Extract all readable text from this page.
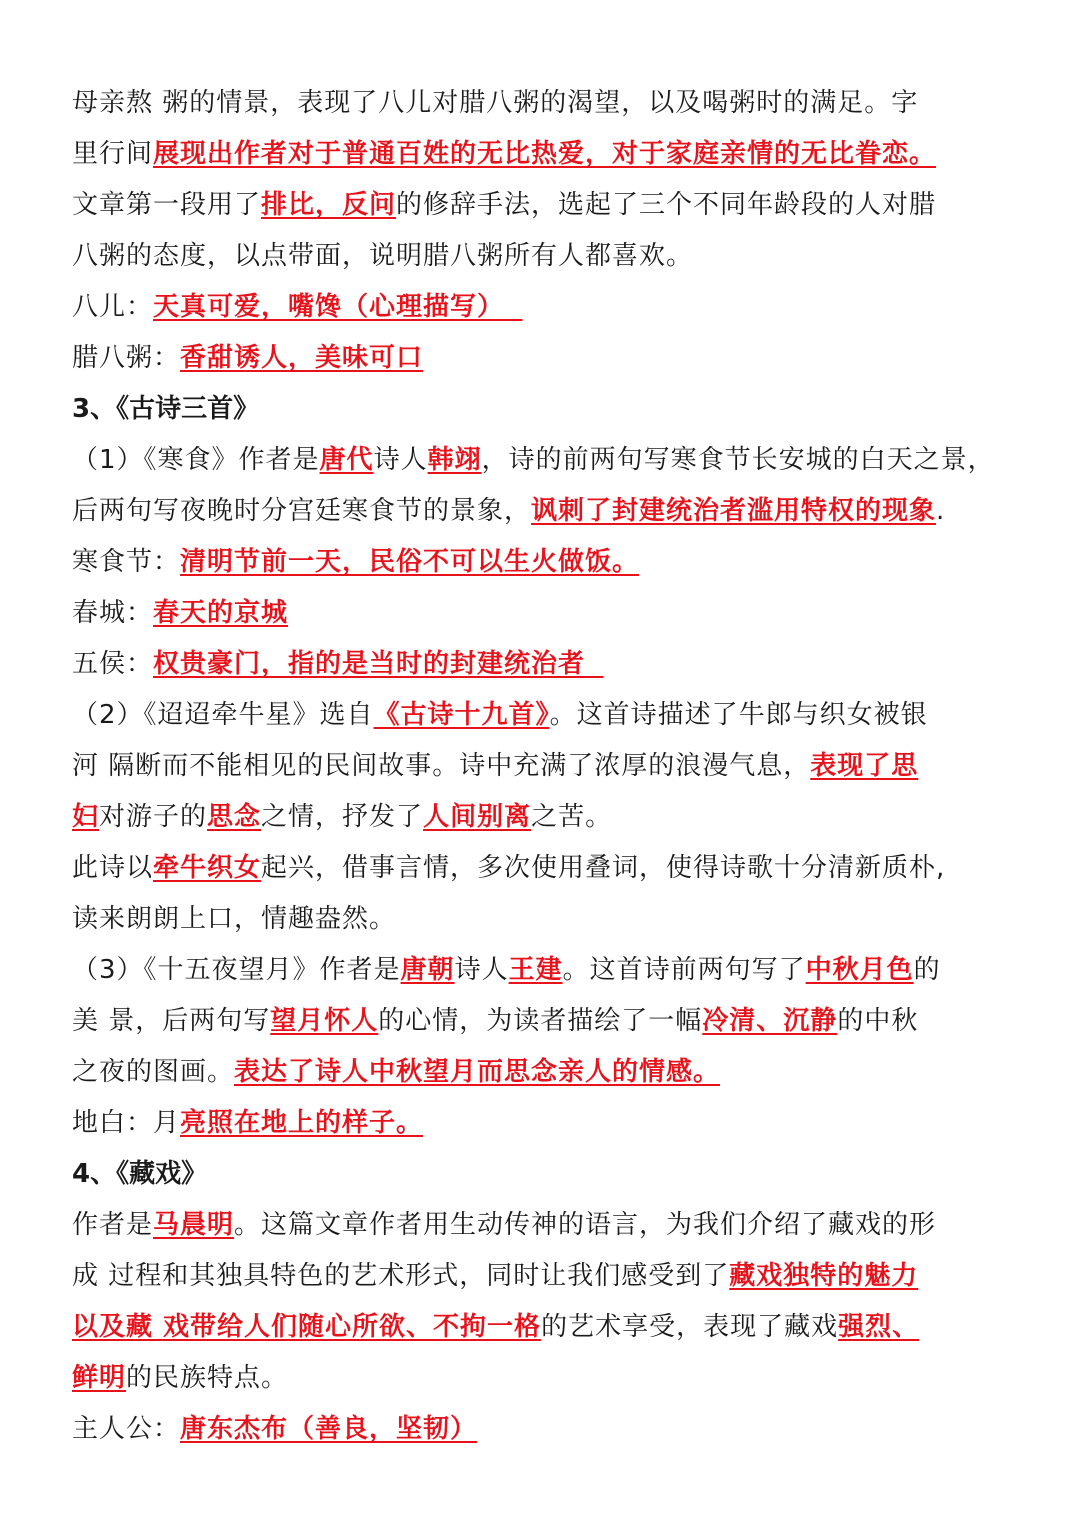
母亲熬 粥的情景，表现了八儿对腊八粥的渴望，以及喝粥时的满足。字
里行间展现出作者对于普通百姓的无比热爱，对于家庭亲情的无比眷恋。
文章第一段用了排比，反问的修辞手法，选起了三个不同年龄段的人对腊
八粥的态度，以点带面，说明腊八粥所有人都喜欢。
八儿：天真可爱，嘴馋（心理描写）
腊八粥：香甜诱人，美味可口
3、《古诗三首》
（1）《寒食》作者是唐代诗人韩翊，诗的前两句写寒食节长安城的白天之景，
后两句写夜晚时分宫廷寒食节的景象，讽刺了封建统治者滥用特权的现象.
寒食节：清明节前一天，民俗不可以生火做饭。
春城：春天的京城
五侯：权贵豪门，指的是当时的封建统治者
（2）《迢迢牵牛星》选自《古诗十九首》。这首诗描述了牛郎与织女被银
河 隔断而不能相见的民间故事。诗中充满了浓厚的浪漫气息，表现了思
妇对游子的思念之情，抒发了人间别离之苦。
此诗以牵牛织女起兴，借事言情，多次使用叠词，使得诗歌十分清新质朴,
读来朗朗上口，情趣盎然。
（3）《十五夜望月》作者是唐朝诗人王建。这首诗前两句写了中秋月色的
美 景，后两句写望月怀人的心情，为读者描绘了一幅冷清、沉静的中秋
之夜的图画。表达了诗人中秋望月而思念亲人的情感。
地白：月亮照在地上的样子。
4、《藏戏》
作者是马晨明。这篇文章作者用生动传神的语言，为我们介绍了藏戏的形
成 过程和其独具特色的艺术形式，同时让我们感受到了藏戏独特的魅力
以及藏 戏带给人们随心所欲、不拘一格的艺术享受，表现了藏戏强烈、
鲜明的民族特点。
主人公：唐东杰布（善良，坚韧）
